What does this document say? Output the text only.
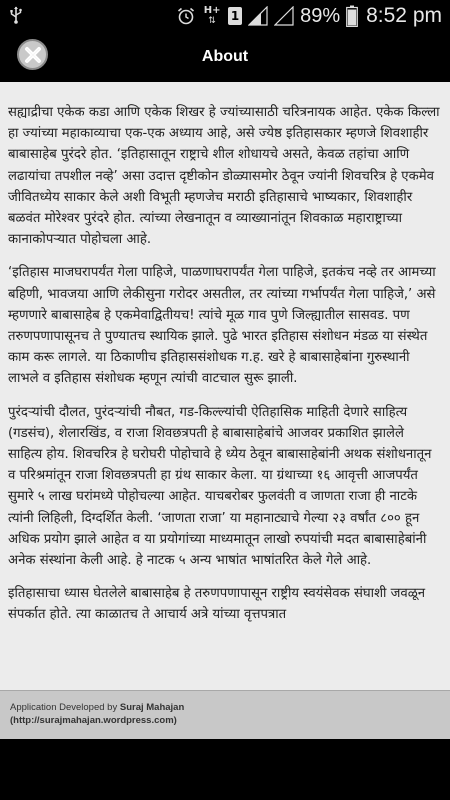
H+
⇅ 1	89% 8:52 pm
About

सह्याद्रीचा एकेक कडा आणि एकेक शिखर हे ज्यांच्यासाठी चरित्रनायक आहेत. एकेक किल्ला हा ज्यांच्या महाकाव्याचा एक-एक अध्याय आहे, असे ज्येष्ठ इतिहासकार म्हणजे शिवशाहीर बाबासाहेब पुरंदरे होत. ‘इतिहासातून राष्ट्राचे शील शोधायचे असते, केवळ तहांचा आणि लढायांचा तपशील नव्हे’ असा उदात्त दृष्टीकोन डोळ्यासमोर ठेवून ज्यांनी शिवचरित्र हे एकमेव जीवितध्येय साकार केले अशी विभूती म्हणजेच मराठी इतिहासाचे भाष्यकार, शिवशाहीर बळवंत मोरेश्वर पुरंदरे होत. त्यांच्या लेखनातून व व्याख्यानांतून शिवकाळ महाराष्ट्राच्या कानाकोपऱ्यात पोहोचला आहे.

‘इतिहास माजघरापर्यंत गेला पाहिजे, पाळणाघरापर्यंत गेला पाहिजे, इतकंच नव्हे तर आमच्या बहिणी, भावजया आणि लेकीसुना गरोदर असतील, तर त्यांच्या गर्भापर्यंत गेला पाहिजे,’ असे म्हणणारे बाबासाहेब हे एकमेवाद्वितीयच! त्यांचे मूळ गाव पुणे जिल्ह्यातील सासवड. पण तरुणपणापासूनच ते पुण्यातच स्थायिक झाले. पुढे भारत इतिहास संशोधन मंडळ या संस्थेत काम करू लागले. या ठिकाणीच इतिहाससंशोधक ग.ह. खरे हे बाबासाहेबांना गुरुस्थानी लाभले व इतिहास संशोधक म्हणून त्यांची वाटचाल सुरू झाली.

पुरंदऱ्यांची दौलत, पुरंदऱ्यांची नौबत, गड-किल्ल्यांची ऐतिहासिक माहिती देणारे साहित्य (गडसंच), शेलारखिंड, व राजा शिवछत्रपती हे बाबासाहेबांचे आजवर प्रकाशित झालेले साहित्य होय. शिवचरित्र हे घरोघरी पोहोचावे हे ध्येय ठेवून बाबासाहेबांनी अथक संशोधनातून व परिश्रमांतून राजा शिवछत्रपती हा ग्रंथ साकार केला. या ग्रंथाच्या १६ आवृत्ती आजपर्यंत सुमारे ५ लाख घरांमध्ये पोहोचल्या आहेत. याचबरोबर फुलवंती व जाणता राजा ही नाटके त्यांनी लिहिली, दिग्दर्शित केली. ‘जाणता राजा’ या महानाट्याचे गेल्या २३ वर्षांत ८०० हून अधिक प्रयोग झाले आहेत व या प्रयोगांच्या माध्यमातून लाखो रुपयांची मदत बाबासाहेबांनी अनेक संस्थांना केली आहे. हे नाटक ५ अन्य भाषांत भाषांतरित केले गेले आहे.

इतिहासाचा ध्यास घेतलेले बाबासाहेब हे तरुणपणापासून राष्ट्रीय स्वयंसेवक संघाशी जवळून संपर्कात होते. त्या काळातच ते आचार्य अत्रे यांच्या वृत्तपत्रात

Application Developed by Suraj Mahajan
(http://surajmahajan.wordpress.com)
